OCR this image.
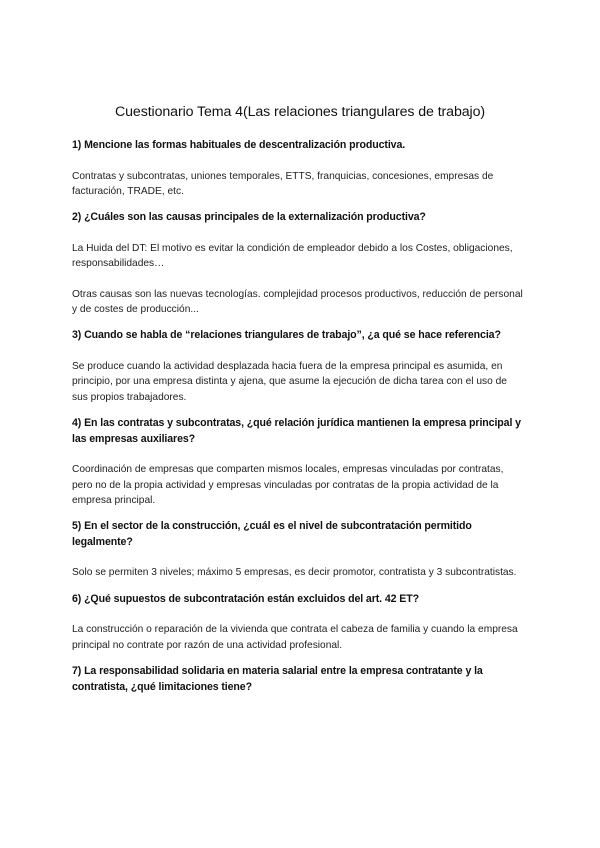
Cuestionario Tema 4(Las relaciones triangulares de trabajo)

1) Mencione las formas habituales de descentralización productiva.

Contratas y subcontratas, uniones temporales, ETTS, franquicias, concesiones, empresas de facturación, TRADE, etc.

2) ¿Cuáles son las causas principales de la externalización productiva?

La Huida del DT: El motivo es evitar la condición de empleador debido a los Costes, obligaciones, responsabilidades…

Otras causas son las nuevas tecnologías. complejidad procesos productivos, reducción de personal y de costes de producción...

3) Cuando se habla de “relaciones triangulares de trabajo”, ¿a qué se hace referencia?

Se produce cuando la actividad desplazada hacia fuera de la empresa principal es asumida, en principio, por una empresa distinta y ajena, que asume la ejecución de dicha tarea con el uso de sus propios trabajadores.

4) En las contratas y subcontratas, ¿qué relación jurídica mantienen la empresa principal y las empresas auxiliares?

Coordinación de empresas que comparten mismos locales, empresas vinculadas por contratas, pero no de la propia actividad y empresas vinculadas por contratas de la propia actividad de la empresa principal.

5) En el sector de la construcción, ¿cuál es el nivel de subcontratación permitido legalmente?

Solo se permiten 3 niveles; máximo 5 empresas, es decir promotor, contratista y 3 subcontratistas.

6) ¿Qué supuestos de subcontratación están excluidos del art. 42 ET?

La construcción o reparación de la vivienda que contrata el cabeza de familia y cuando la empresa principal no contrate por razón de una actividad profesional.

7) La responsabilidad solidaria en materia salarial entre la empresa contratante y la contratista, ¿qué limitaciones tiene?
